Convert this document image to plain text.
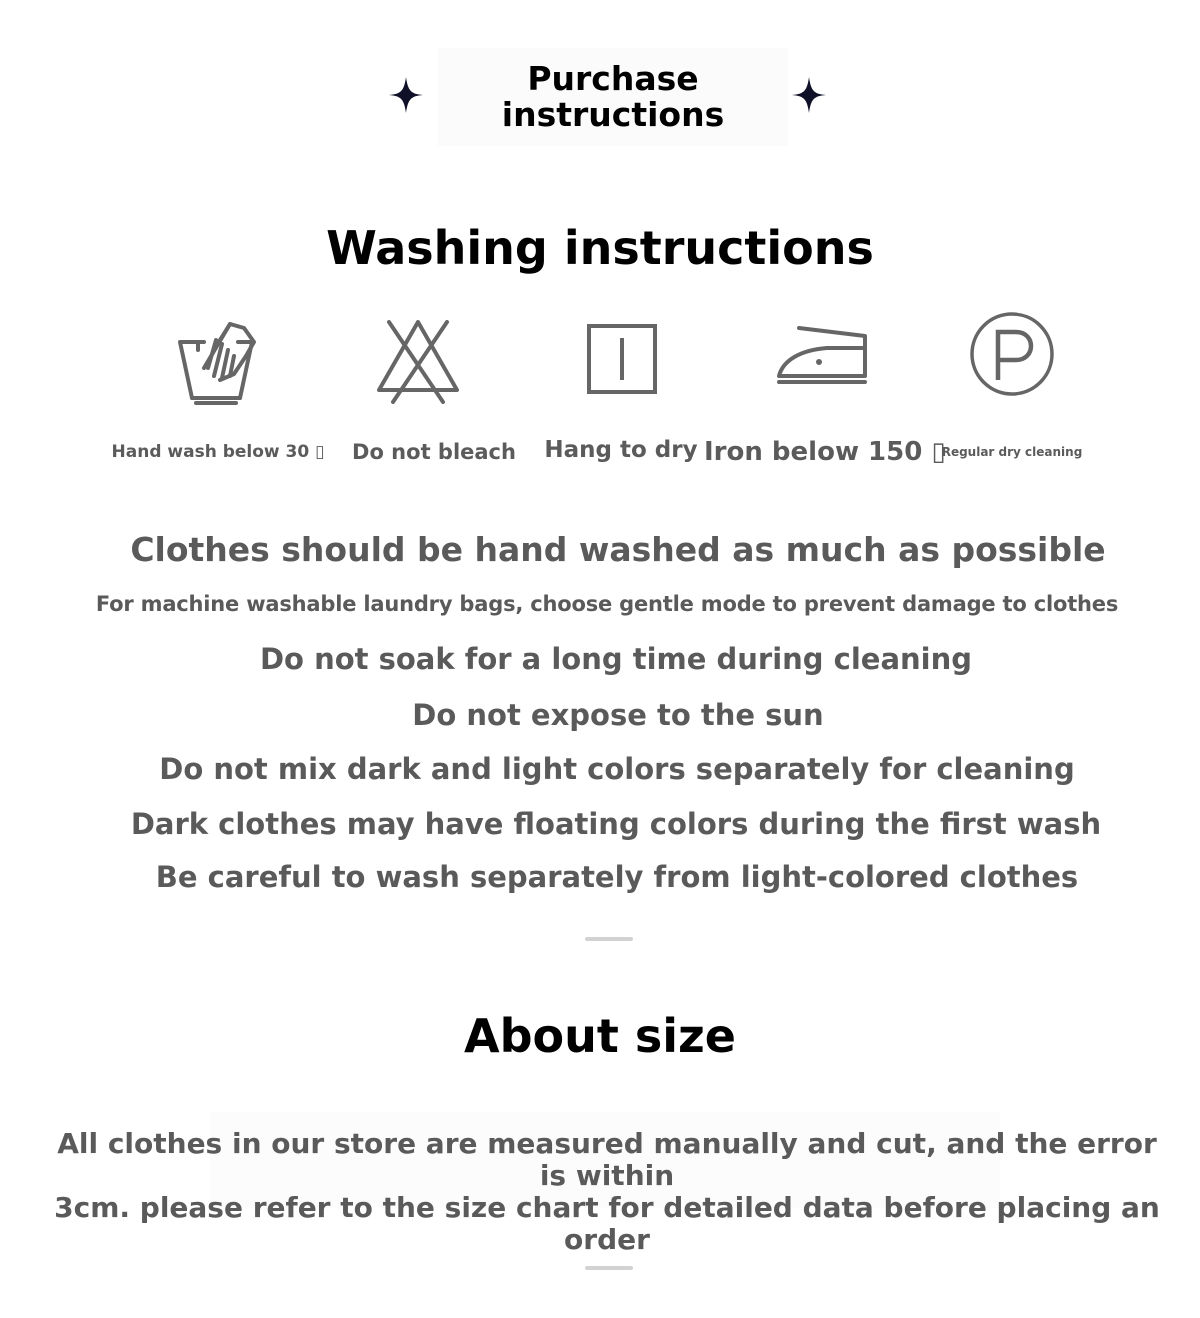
Purchase instructions
Washing instructions
Hand wash below 30 ▯	Do not bleach	Hang to dry Iron below 150 ▯
Regular dry cleaning
Clothes should be hand washed as much as possible
For machine washable laundry bags, choose gentle mode to prevent damage to clothes
Do not soak for a long time during cleaning
Do not expose to the sun
Do not mix dark and light colors separately for cleaning
Dark clothes may have floating colors during the first wash
Be careful to wash separately from light-colored clothes
About size
All clothes in our store are measured manually and cut, and the error is within
3cm. please refer to the size chart for detailed data before placing an order
